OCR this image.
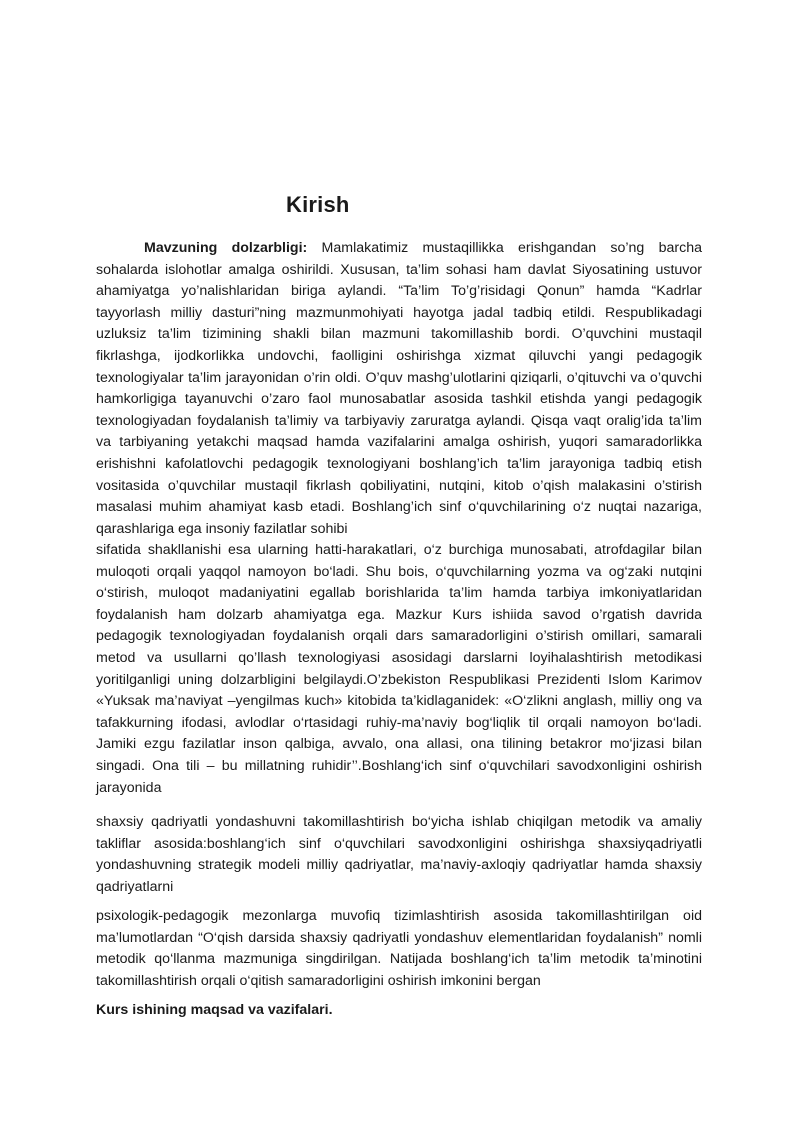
Kirish

Mavzuning dolzarbligi: Mamlakatimiz mustaqillikka erishgandan so’ng barcha sohalarda islohotlar amalga oshirildi. Xususan, ta’lim sohasi ham davlat Siyosatining ustuvor ahamiyatga yo’nalishlaridan biriga aylandi. “Ta’lim To’g’risidagi Qonun” hamda “Kadrlar tayyorlash milliy dasturi”ning mazmunmohiyati hayotga jadal tadbiq etildi. Respublikadagi uzluksiz ta’lim tizimining shakli bilan mazmuni takomillashib bordi. O’quvchini mustaqil fikrlashga, ijodkorlikka undovchi, faolligini oshirishga xizmat qiluvchi yangi pedagogik texnologiyalar ta’lim jarayonidan o’rin oldi. O’quv mashg’ulotlarini qiziqarli, o’qituvchi va o’quvchi hamkorligiga tayanuvchi o’zaro faol munosabatlar asosida tashkil etishda yangi pedagogik texnologiyadan foydalanish ta’limiy va tarbiyaviy zaruratga aylandi. Qisqa vaqt oralig’ida ta’lim va tarbiyaning yetakchi maqsad hamda vazifalarini amalga oshirish, yuqori samaradorlikka erishishni kafolatlovchi pedagogik texnologiyani boshlang’ich ta’lim jarayoniga tadbiq etish vositasida o’quvchilar mustaqil fikrlash qobiliyatini, nutqini, kitob o’qish malakasini o’stirish masalasi muhim ahamiyat kasb etadi. Boshlang’ich sinf o‘quvchilarining o‘z nuqtai nazariga, qarashlariga ega insoniy fazilatlar sohibi

sifatida shakllanishi esa ularning hatti-harakatlari, o‘z burchiga munosabati, atrofdagilar bilan muloqoti orqali yaqqol namoyon bo‘ladi. Shu bois, o‘quvchilarning yozma va og‘zaki nutqini o‘stirish, muloqot madaniyatini egallab borishlarida ta’lim hamda tarbiya imkoniyatlaridan foydalanish ham dolzarb ahamiyatga ega. Mazkur Kurs ishiida savod o’rgatish davrida pedagogik texnologiyadan foydalanish orqali dars samaradorligini o’stirish omillari, samarali metod va usullarni qo’llash texnologiyasi asosidagi darslarni loyihalashtirish metodikasi yoritilganligi uning dolzarbligini belgilaydi.O’zbekiston Respublikasi Prezidenti Islom Karimov «Yuksak ma’naviyat –yengilmas kuch» kitobida ta’kidlaganidek: «O‘zlikni anglash, milliy ong va tafakkurning ifodasi, avlodlar o‘rtasidagi ruhiy-ma’naviy bog‘liqlik til orqali namoyon bo‘ladi. Jamiki ezgu fazilatlar inson qalbiga, avvalo, ona allasi, ona tilining betakror mo‘jizasi bilan singadi. Ona tili – bu millatning ruhidir’’.Boshlang‘ich sinf o‘quvchilari savodxonligini oshirish jarayonida

shaxsiy qadriyatli yondashuvni takomillashtirish bo‘yicha ishlab chiqilgan metodik va amaliy takliflar asosida:boshlang‘ich sinf o‘quvchilari savodxonligini oshirishga shaxsiyqadriyatli yondashuvning strategik modeli milliy qadriyatlar, ma’naviy-axloqiy qadriyatlar hamda shaxsiy qadriyatlarni

psixologik-pedagogik mezonlarga muvofiq tizimlashtirish asosida takomillashtirilgan oid ma’lumotlardan “O‘qish darsida shaxsiy qadriyatli yondashuv elementlaridan foydalanish” nomli metodik qo‘llanma mazmuniga singdirilgan. Natijada boshlang‘ich ta’lim metodik ta’minotini takomillashtirish orqali o‘qitish samaradorligini oshirish imkonini bergan

Kurs ishining maqsad va vazifalari.
